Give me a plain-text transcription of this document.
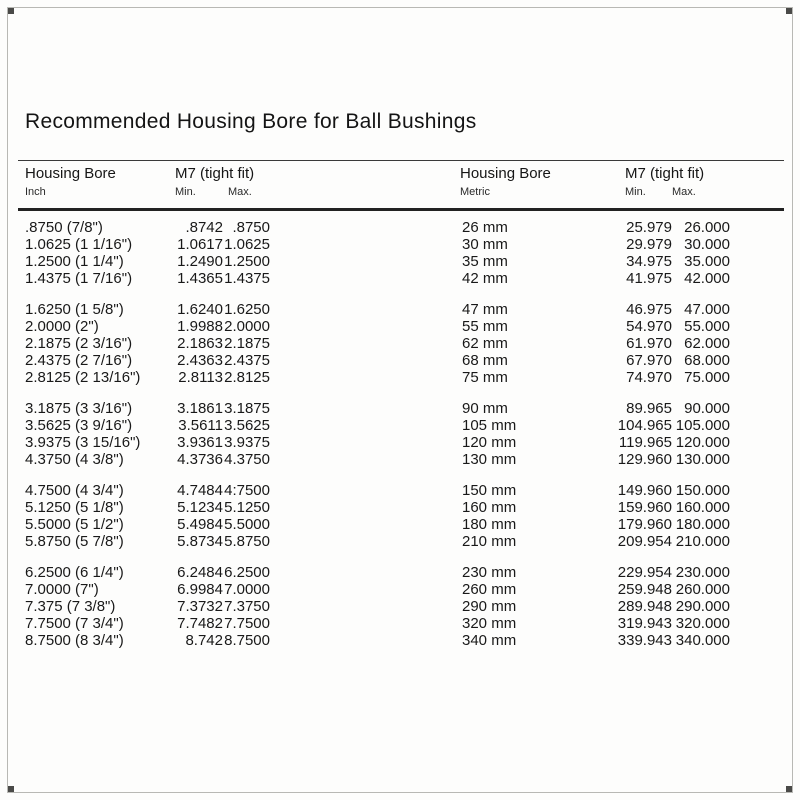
Recommended Housing Bore for Ball Bushings
Housing Bore
Inch
M7 (tight fit)
Min.	Max.
Housing Bore
Metric
M7 (tight fit)
Min. Max.
.8750 (7/8")	.8742 .8750	26 mm	25.979 26.000
1.0625 (1 1/16")	1.0617 1.0625	30 mm	29.979 30.000
1.2500 (1 1/4")	1.2490 1.2500	35 mm	34.975 35.000
1.4375 (1 7/16")	1.4365 1.4375	42 mm	41.975 42.000
1.6250 (1 5/8")	1.6240 1.6250	47 mm	46.975 47.000
2.0000 (2")	1.9988 2.0000	55 mm	54.970 55.000
2.1875 (2 3/16")	2.1863 2.1875	62 mm	61.970 62.000
2.4375 (2 7/16")	2.4363 2.4375	68 mm	67.970 68.000
2.8125 (2 13/16")	2.8113 2.8125	75 mm	74.970 75.000
3.1875 (3 3/16")	3.1861 3.1875	90 mm	89.965 90.000
3.5625 (3 9/16")	3.5611 3.5625	105 mm	104.965 105.000
3.9375 (3 15/16")	3.9361 3.9375	120 mm	119.965 120.000
4.3750 (4 3/8")	4.3736 4.3750	130 mm	129.960 130.000
4.7500 (4 3/4")	4.7484 4:7500	150 mm	149.960 150.000
5.1250 (5 1/8")	5.1234 5.1250	160 mm	159.960 160.000
5.5000 (5 1/2")	5.4984 5.5000	180 mm	179.960 180.000
5.8750 (5 7/8")	5.8734 5.8750	210 mm	209.954 210.000
6.2500 (6 1/4")	6.2484 6.2500	230 mm	229.954 230.000
7.0000 (7")	6.9984 7.0000	260 mm	259.948 260.000
7.375 (7 3/8")	7.3732 7.3750	290 mm	289.948 290.000
7.7500 (7 3/4")	7.7482 7.7500	320 mm	319.943 320.000
8.7500 (8 3/4")	8.742 8.7500	340 mm	339.943 340.000
